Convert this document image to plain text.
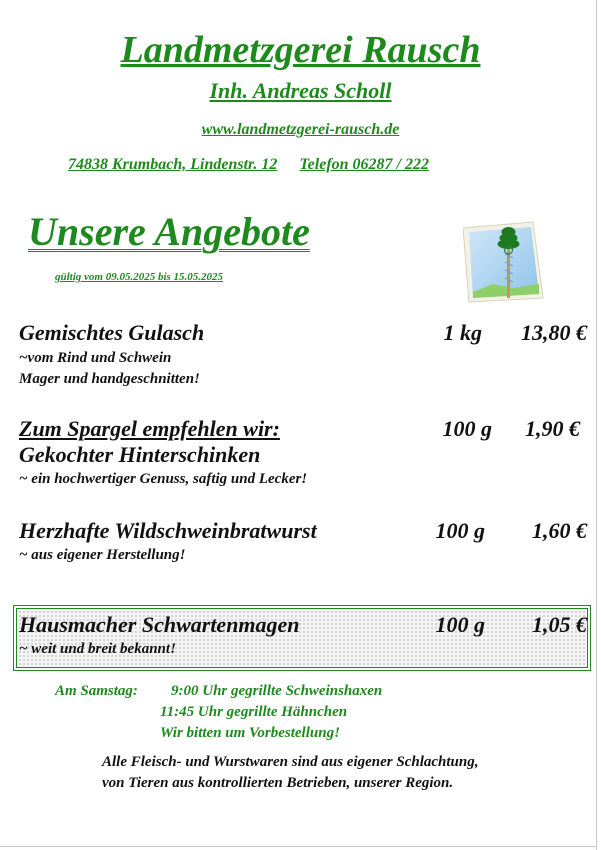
Landmetzgerei Rausch
Inh. Andreas Scholl
www.landmetzgerei-rausch.de
74838 Krumbach, Lindenstr. 12 Telefon 06287 / 222
Unsere Angebote
gültig vom 09.05.2025 bis 15.05.2025
Gemischtes Gulasch	1 kg	13,80 €
~vom Rind und Schwein
Mager und handgeschnitten!
Zum Spargel empfehlen wir:	100 g	1,90 €
Gekochter Hinterschinken
~ ein hochwertiger Genuss, saftig und Lecker!
Herzhafte Wildschweinbratwurst	100 g	1,60 €
~ aus eigener Herstellung!
Hausmacher Schwartenmagen	100 g	1,05 €
~ weit und breit bekannt!
Am Samstag: 9:00 Uhr gegrillte Schweinshaxen
11:45 Uhr gegrillte Hähnchen
Wir bitten um Vorbestellung!
Alle Fleisch- und Wurstwaren sind aus eigener Schlachtung,
von Tieren aus kontrollierten Betrieben, unserer Region.
